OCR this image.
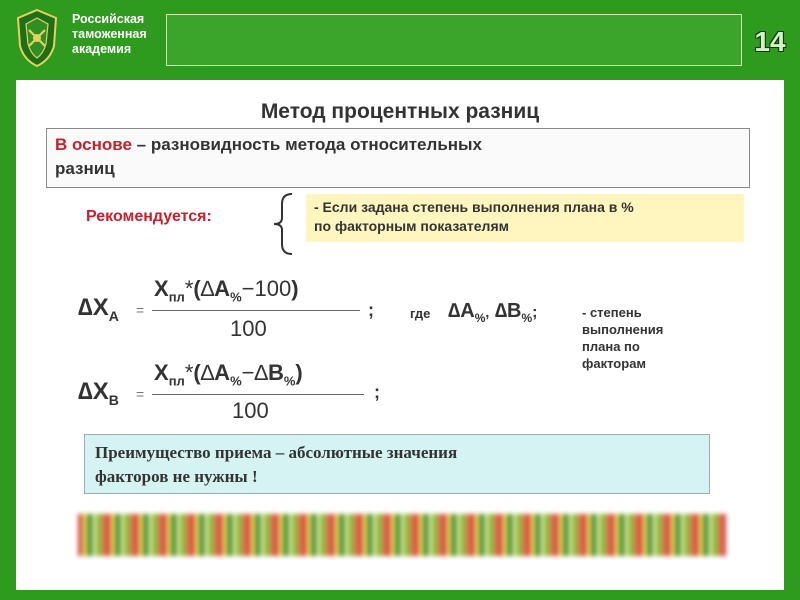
Российская
таможенная
академия	14
Метод процентных разниц
В основе – разновидность метода относительных
разниц
Рекомендуется:
- Если задана степень выполнения плана в %
по факторным показателям
$\Delta X_A$ =
$X_{пл}*(\Delta A_{\%}-100)$
100
;
$\Delta X_B$ =
$X_{пл}*(\Delta A_{\%}-\Delta B_{\%})$
100
;
где $\Delta A_{\%}$, $\Delta B_{\%}$;	- степень
выполнения
плана по
факторам
Преимущество приема – абсолютные значения
факторов не нужны !
